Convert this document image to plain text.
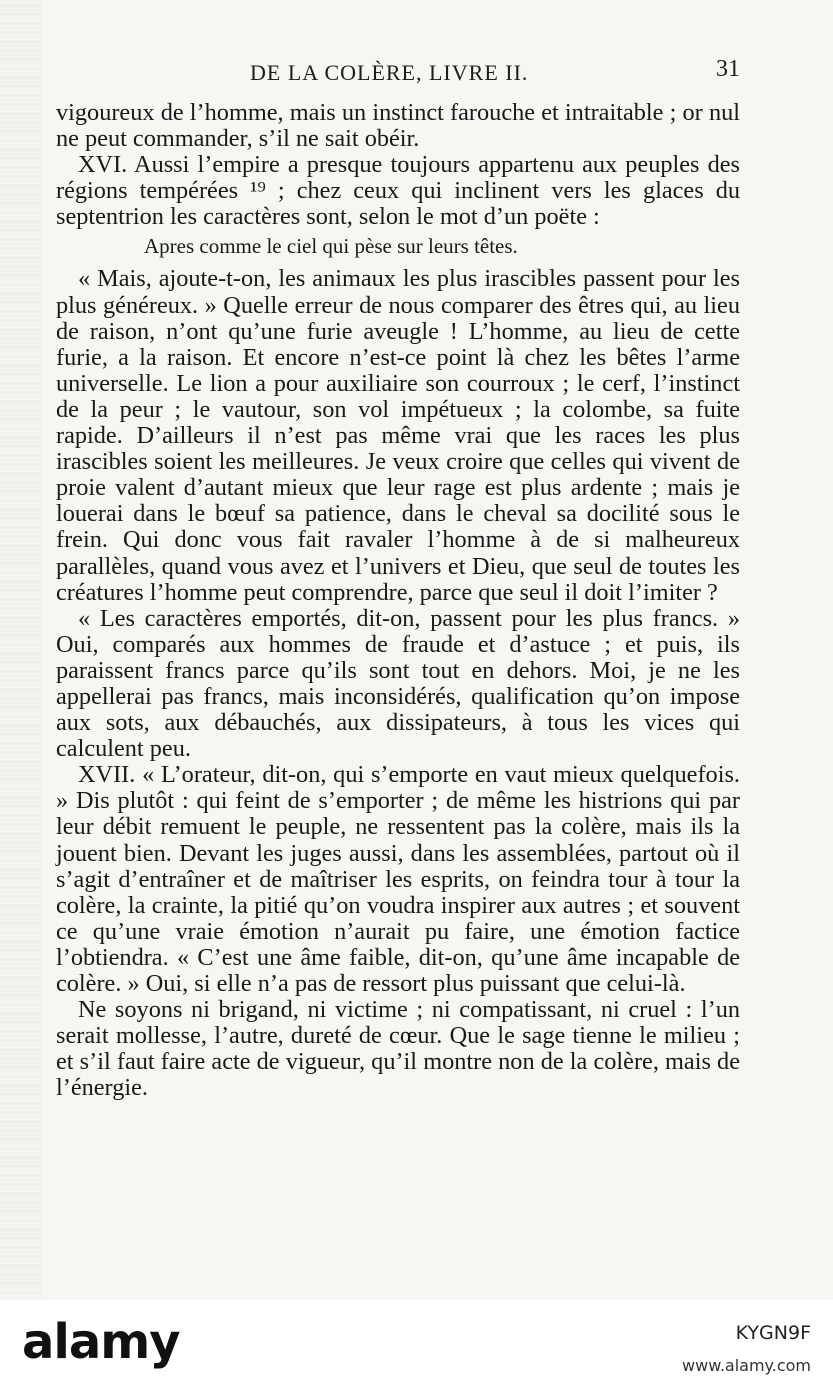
DE LA COLÈRE, LIVRE II.	31

vigoureux de l’homme, mais un instinct farouche et intraitable ; or nul ne peut commander, s’il ne sait obéir.

XVI. Aussi l’empire a presque toujours appartenu aux peuples des régions tempérées ¹⁹ ; chez ceux qui inclinent vers les glaces du septentrion les caractères sont, selon le mot d’un poëte :

Apres comme le ciel qui pèse sur leurs têtes.

« Mais, ajoute-t-on, les animaux les plus irascibles passent pour les plus généreux. » Quelle erreur de nous comparer des êtres qui, au lieu de raison, n’ont qu’une furie aveugle ! L’homme, au lieu de cette furie, a la raison. Et encore n’est-ce point là chez les bêtes l’arme universelle. Le lion a pour auxiliaire son courroux ; le cerf, l’instinct de la peur ; le vautour, son vol impétueux ; la colombe, sa fuite rapide. D’ailleurs il n’est pas même vrai que les races les plus irascibles soient les meilleures. Je veux croire que celles qui vivent de proie valent d’autant mieux que leur rage est plus ardente ; mais je louerai dans le bœuf sa patience, dans le cheval sa docilité sous le frein. Qui donc vous fait ravaler l’homme à de si malheureux parallèles, quand vous avez et l’univers et Dieu, que seul de toutes les créatures l’homme peut comprendre, parce que seul il doit l’imiter ?

« Les caractères emportés, dit-on, passent pour les plus francs. » Oui, comparés aux hommes de fraude et d’astuce ; et puis, ils paraissent francs parce qu’ils sont tout en dehors. Moi, je ne les appellerai pas francs, mais inconsidérés, qualification qu’on impose aux sots, aux débauchés, aux dissipateurs, à tous les vices qui calculent peu.

XVII. « L’orateur, dit-on, qui s’emporte en vaut mieux quelquefois. » Dis plutôt : qui feint de s’emporter ; de même les histrions qui par leur débit remuent le peuple, ne ressentent pas la colère, mais ils la jouent bien. Devant les juges aussi, dans les assemblées, partout où il s’agit d’entraîner et de maîtriser les esprits, on feindra tour à tour la colère, la crainte, la pitié qu’on voudra inspirer aux autres ; et souvent ce qu’une vraie émotion n’aurait pu faire, une émotion factice l’obtiendra. « C’est une âme faible, dit-on, qu’une âme incapable de colère. » Oui, si elle n’a pas de ressort plus puissant que celui-là.

Ne soyons ni brigand, ni victime ; ni compatissant, ni cruel : l’un serait mollesse, l’autre, dureté de cœur. Que le sage tienne le milieu ; et s’il faut faire acte de vigueur, qu’il montre non de la colère, mais de l’énergie.

alamy	KYGN9F
www.alamy.com
